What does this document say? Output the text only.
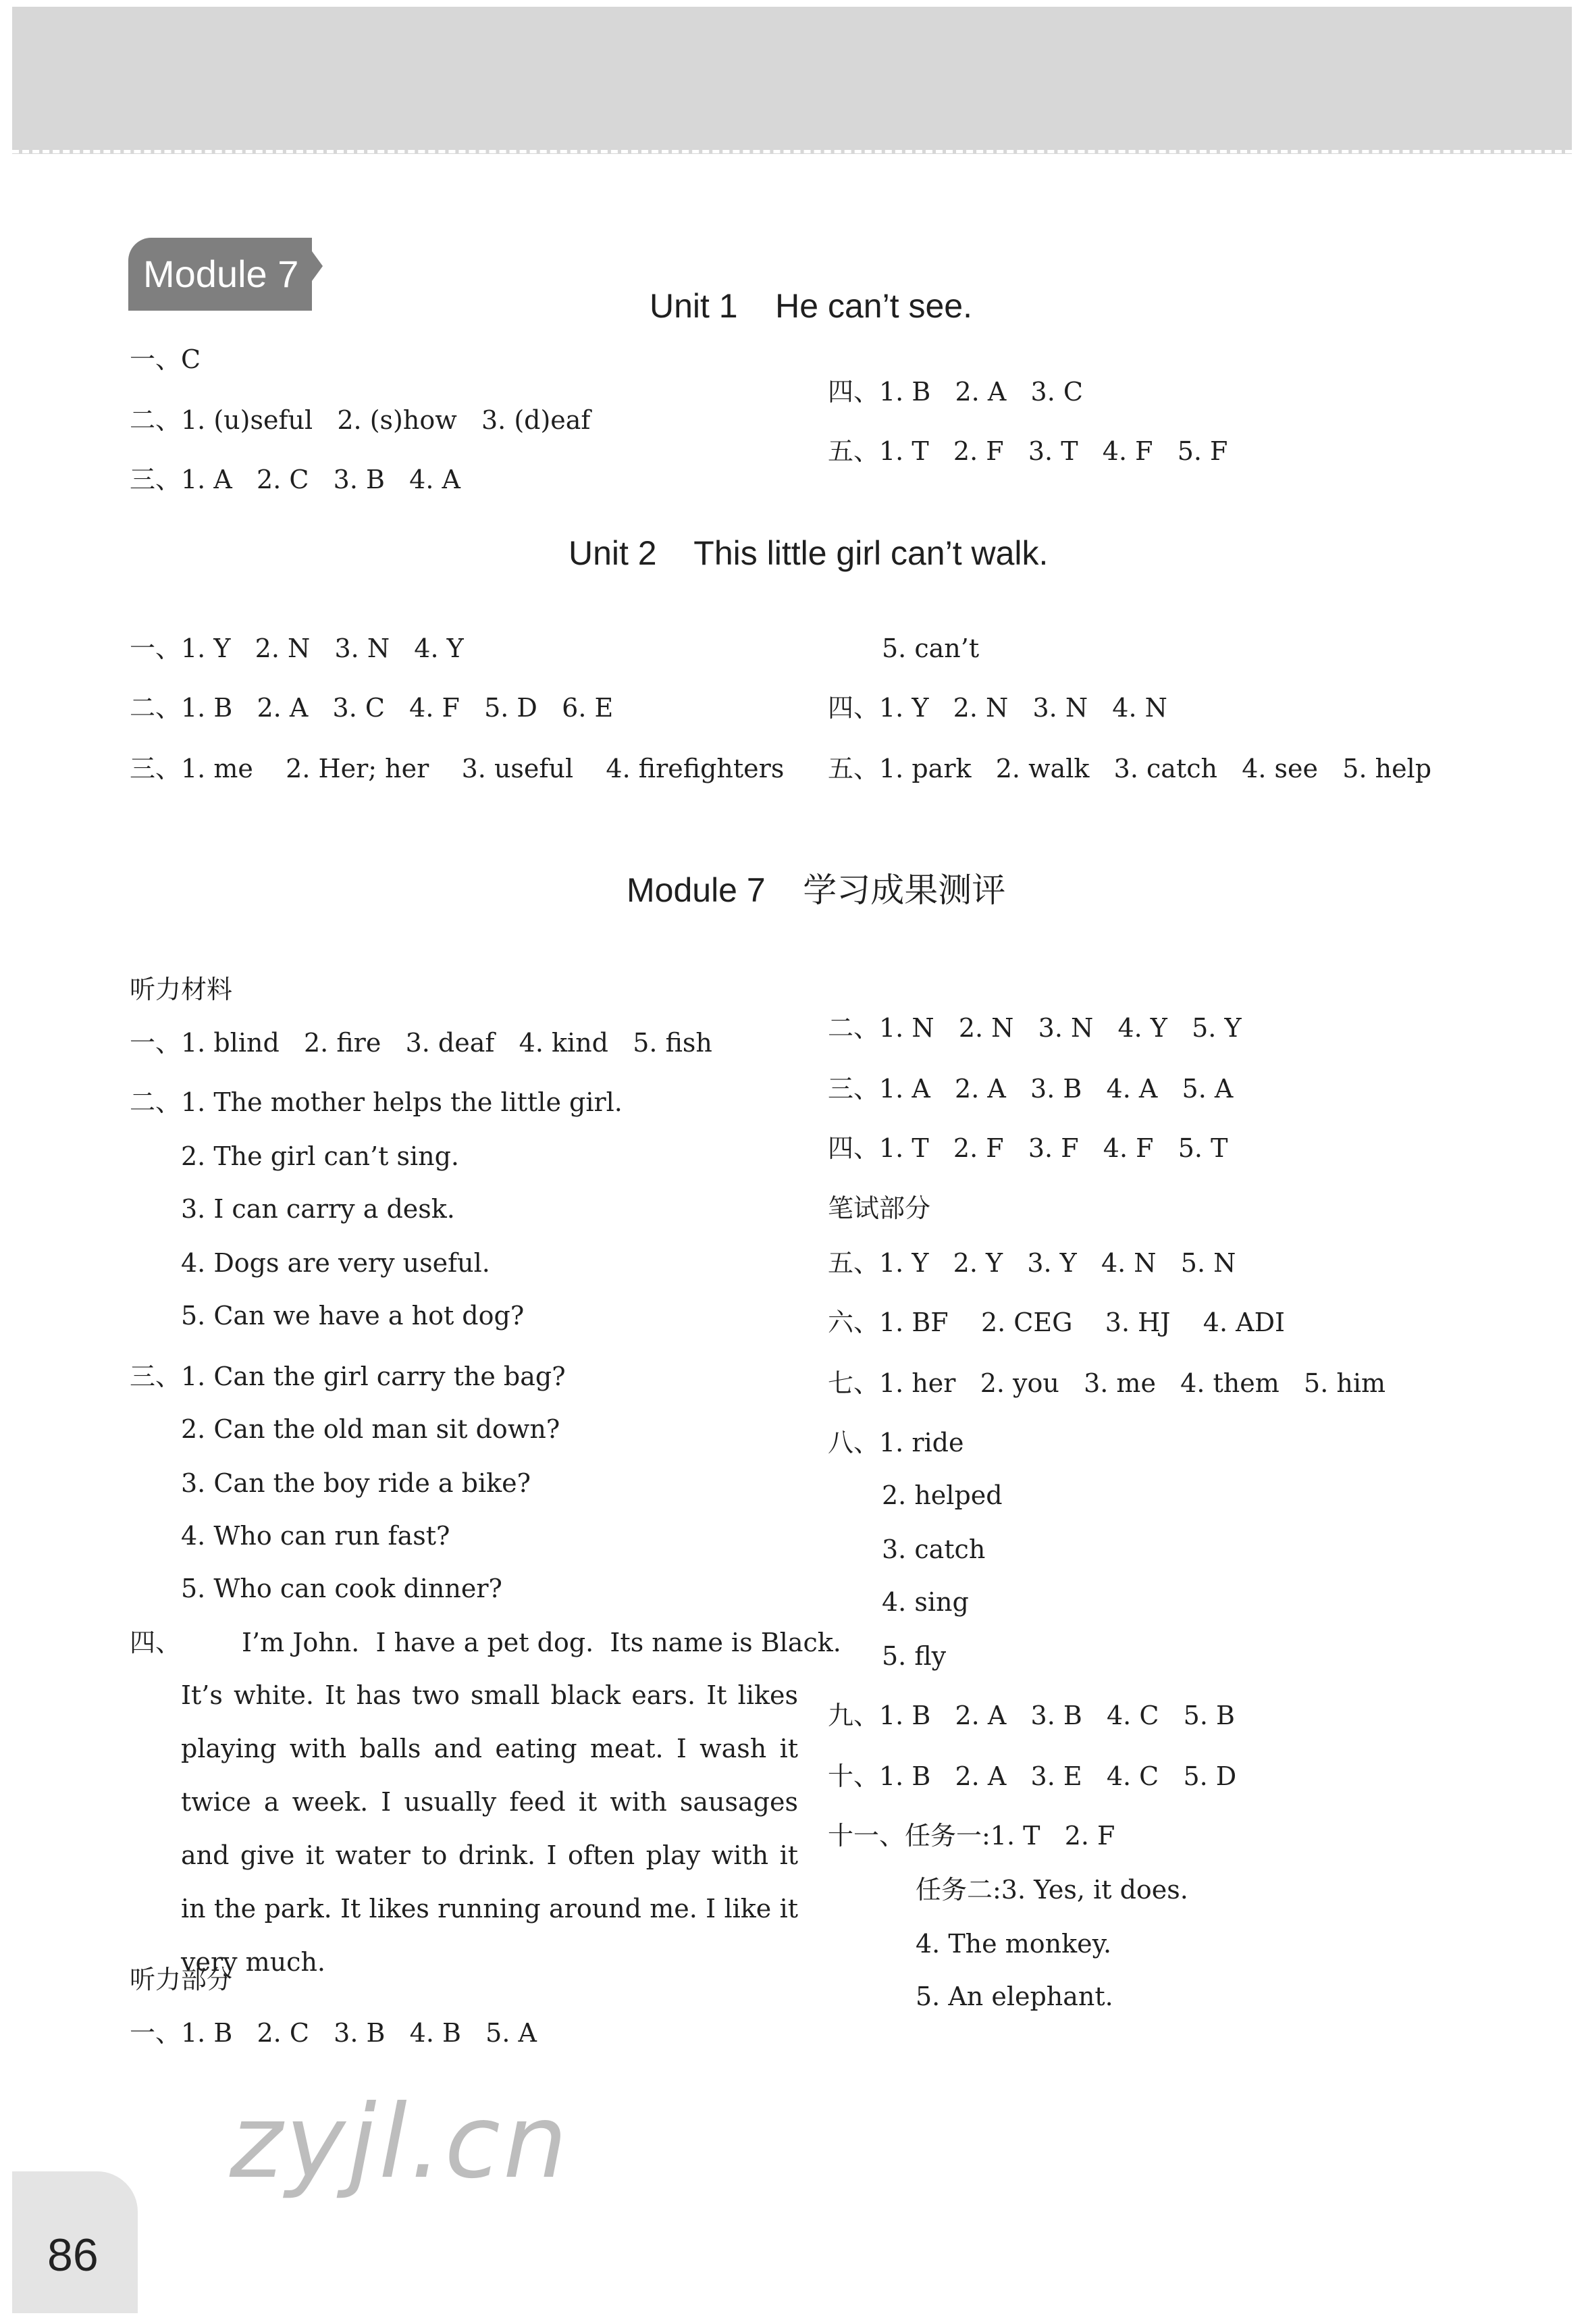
Module 7
Unit 1    He can’t see.
一、C
二、1. (u)seful   2. (s)how   3. (d)eaf
三、1. A   2. C   3. B   4. A
四、1. B   2. A   3. C
五、1. T   2. F   3. T   4. F   5. F
Unit 2    This little girl can’t walk.
一、1. Y   2. N   3. N   4. Y
二、1. B   2. A   3. C   4. F   5. D   6. E
三、1. me    2. Her; her    3. useful    4. firefighters
5. can’t
四、1. Y   2. N   3. N   4. N
五、1. park   2. walk   3. catch   4. see   5. help
Module 7    学习成果测评
听力材料
一、1. blind   2. fire   3. deaf   4. kind   5. fish
二、1. The mother helps the little girl.
2. The girl can’t sing.
3. I can carry a desk.
4. Dogs are very useful.
5. Can we have a hot dog?
三、1. Can the girl carry the bag?
2. Can the old man sit down?
3. Can the boy ride a bike?
4. Who can run fast?
5. Who can cook dinner?
四、 I’m John.  I have a pet dog.  Its name is Black.
It’s white. It has two small black ears. It likes playing with balls and eating meat. I wash it twice a week. I usually feed it with sausages and give it water to drink. I often play with it in the park. It likes running around me. I like it very much.
听力部分
一、1. B   2. C   3. B   4. B   5. A
二、1. N   2. N   3. N   4. Y   5. Y
三、1. A   2. A   3. B   4. A   5. A
四、1. T   2. F   3. F   4. F   5. T
笔试部分
五、1. Y   2. Y   3. Y   4. N   5. N
六、1. BF    2. CEG    3. HJ    4. ADI
七、1. her   2. you   3. me   4. them   5. him
八、1. ride
2. helped
3. catch
4. sing
5. fly
九、1. B   2. A   3. B   4. C   5. B
十、1. B   2. A   3. E   4. C   5. D
十一、任务一:1. T   2. F
任务二:3. Yes, it does.
4. The monkey.
5. An elephant.
zyjl.cn
86
